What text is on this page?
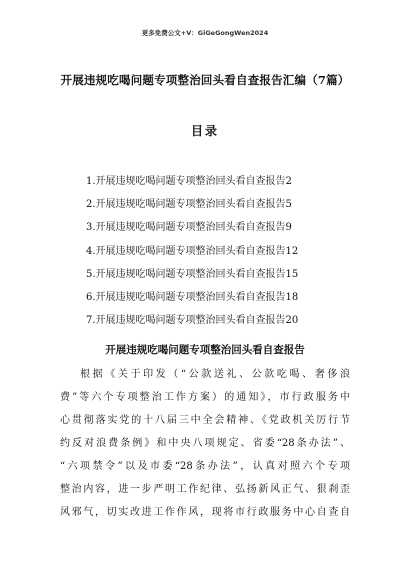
更多免费公文+V：GiGeGongWen2024
开展违规吃喝问题专项整治回头看自查报告汇编（7篇）
目录
1.开展违规吃喝问题专项整治回头看自查报告2
2.开展违规吃喝问题专项整治回头看自查报告5
3.开展违规吃喝问题专项整治回头看自查报告9
4.开展违规吃喝问题专项整治回头看自查报告12
5.开展违规吃喝问题专项整治回头看自查报告15
6.开展违规吃喝问题专项整治回头看自查报告18
7.开展违规吃喝问题专项整治回头看自查报告20
开展违规吃喝问题专项整治回头看自查报告
根据《关于印发（“公款送礼、公款吃喝、奢侈浪
费”等六个专项整治工作方案）的通知》，市行政服务中
心贯彻落实党的十八届三中全会精神、《党政机关厉行节
约反对浪费条例》和中央八项规定、省委“28条办法”、
“六项禁令”以及市委“28条办法”，认真对照六个专项
整治内容，进一步严明工作纪律、弘扬新风正气、狠刹歪
风邪气，切实改进工作作风，现将市行政服务中心自查自
